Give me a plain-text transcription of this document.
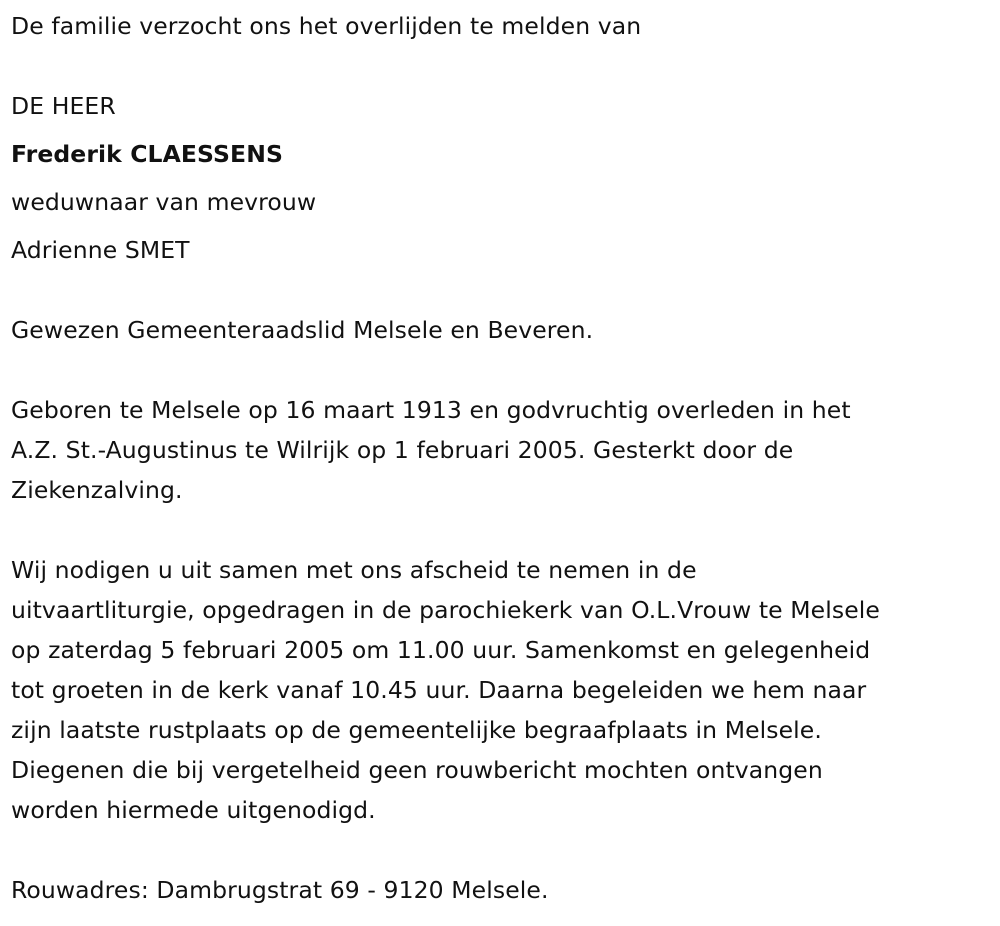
De familie verzocht ons het overlijden te melden van
DE HEER
Frederik CLAESSENS
weduwnaar van mevrouw
Adrienne SMET
Gewezen Gemeenteraadslid Melsele en Beveren.
Geboren te Melsele op 16 maart 1913 en godvruchtig overleden in het
A.Z. St.-Augustinus te Wilrijk op 1 februari 2005. Gesterkt door de
Ziekenzalving.
Wij nodigen u uit samen met ons afscheid te nemen in de
uitvaartliturgie, opgedragen in de parochiekerk van O.L.Vrouw te Melsele
op zaterdag 5 februari 2005 om 11.00 uur. Samenkomst en gelegenheid
tot groeten in de kerk vanaf 10.45 uur. Daarna begeleiden we hem naar
zijn laatste rustplaats op de gemeentelijke begraafplaats in Melsele.
Diegenen die bij vergetelheid geen rouwbericht mochten ontvangen
worden hiermede uitgenodigd.
Rouwadres: Dambrugstrat 69 - 9120 Melsele.
